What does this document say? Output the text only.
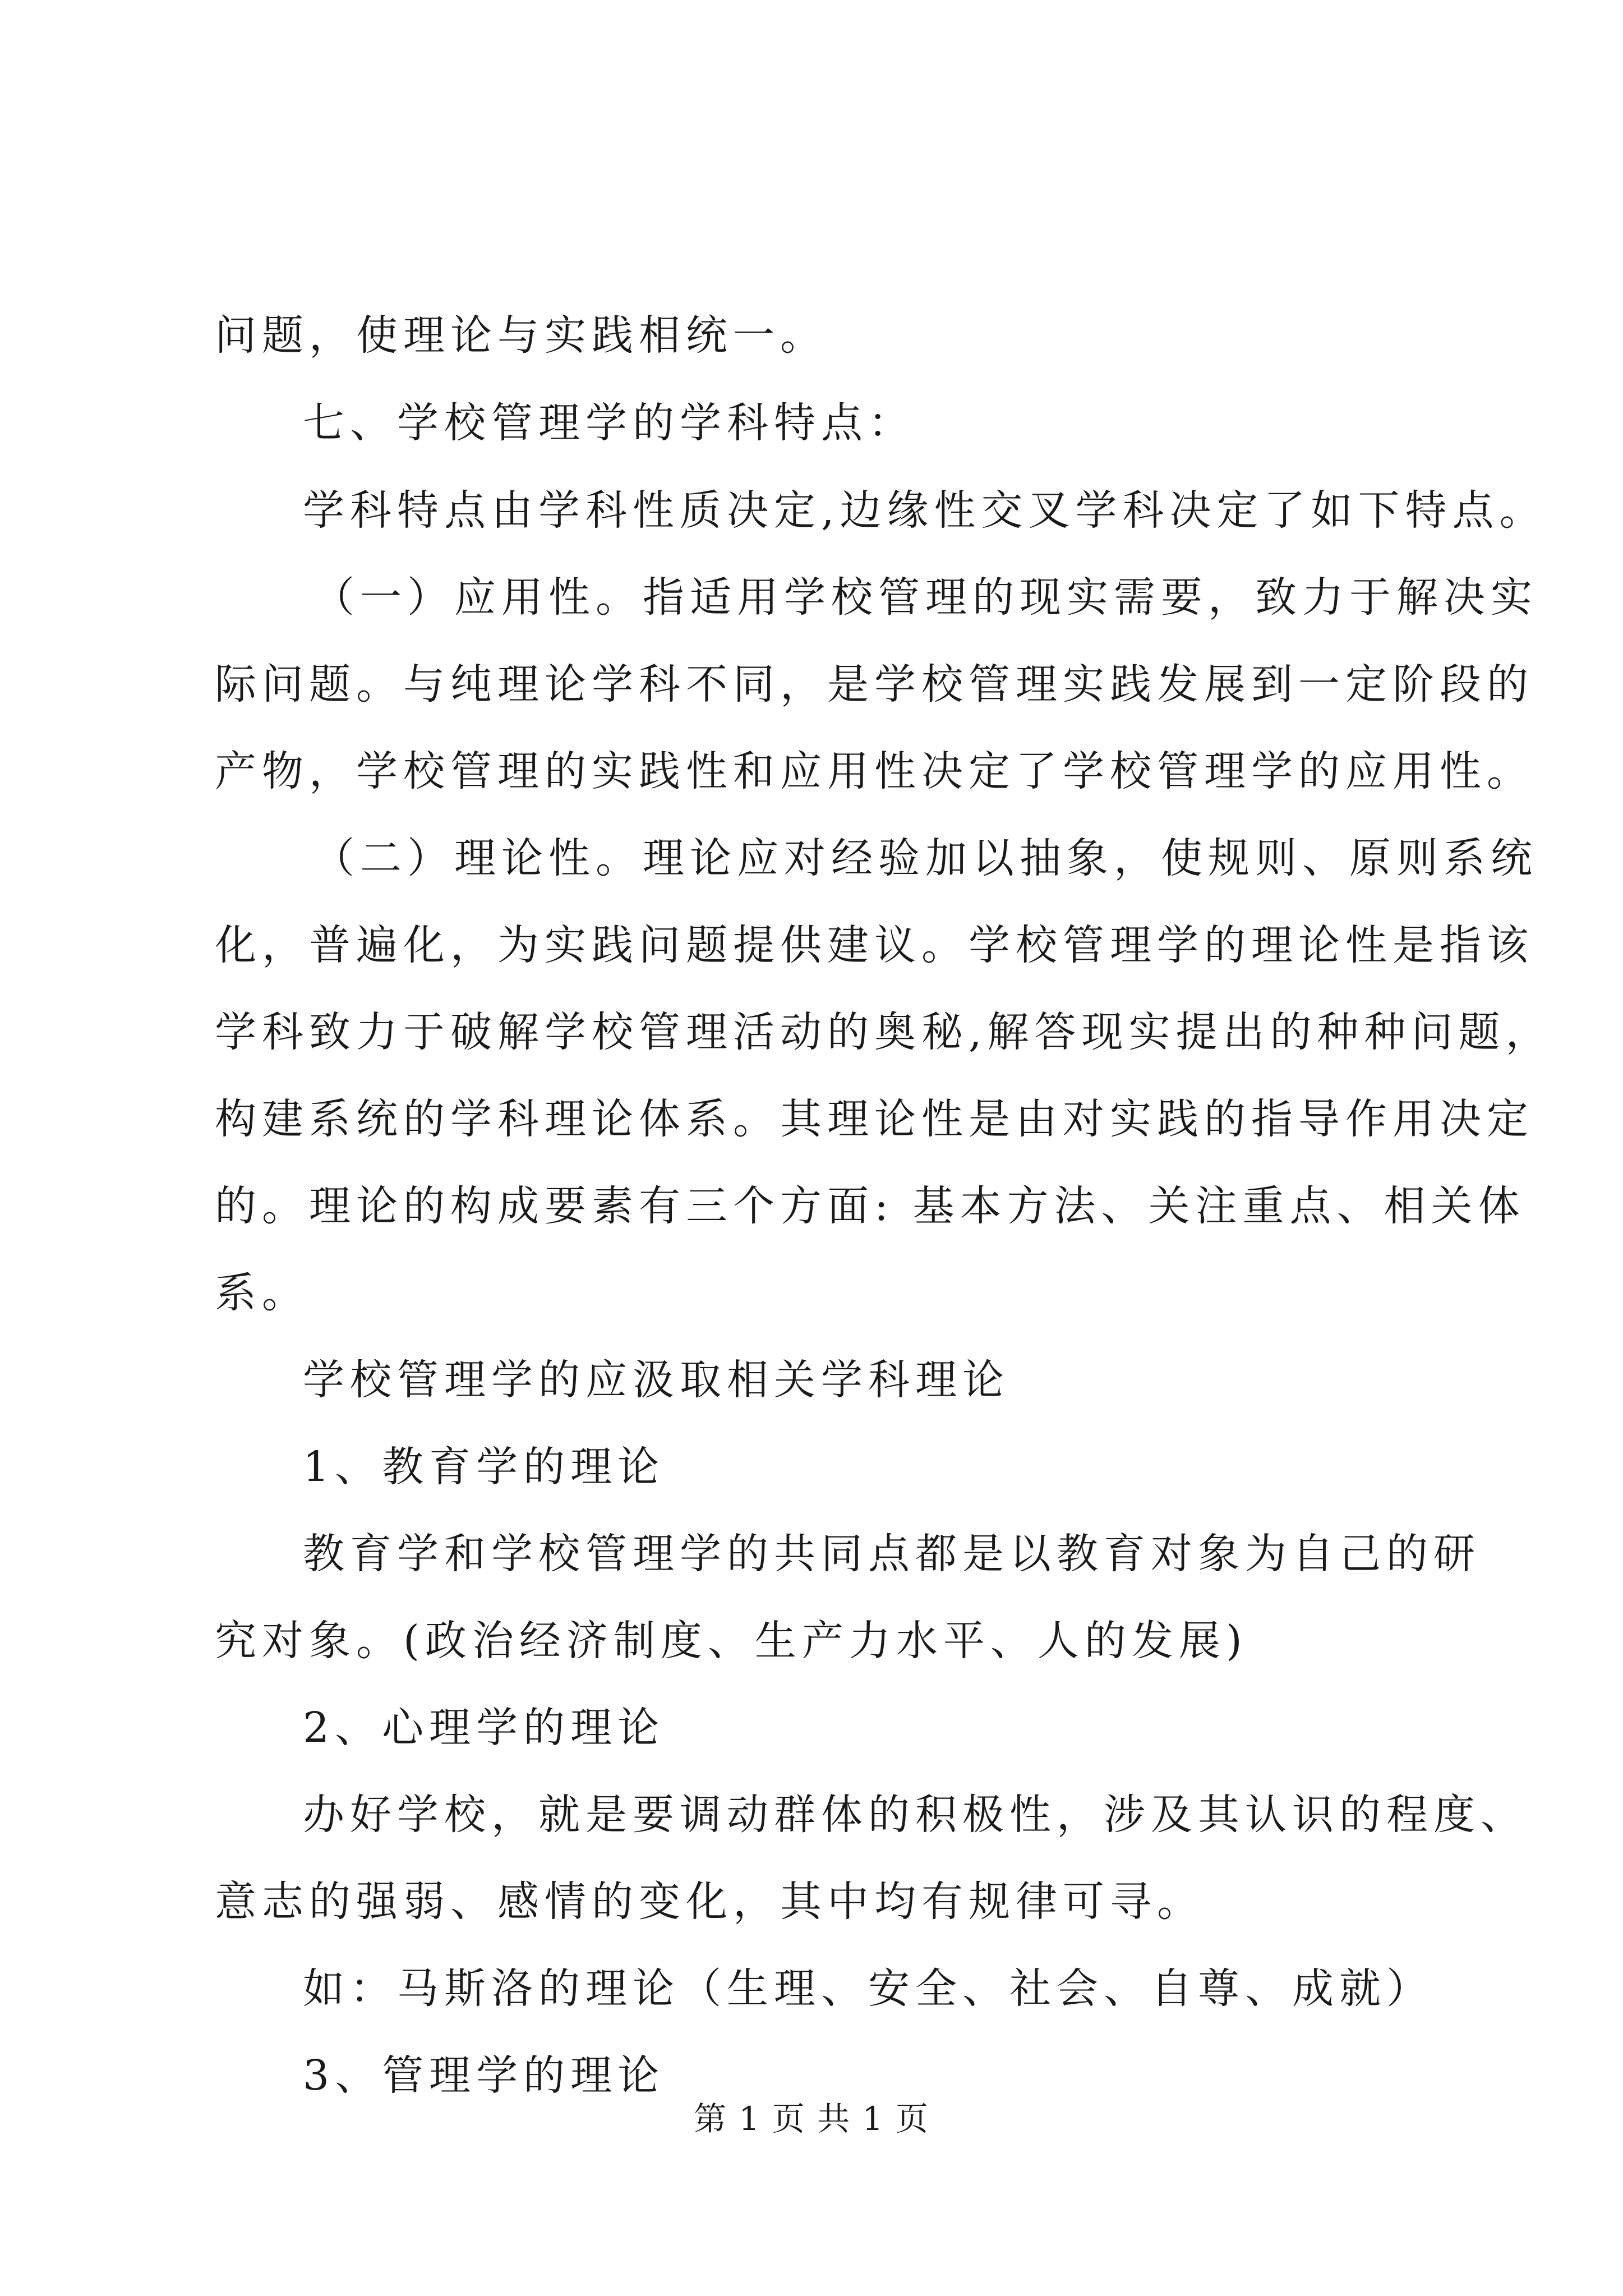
问题，使理论与实践相统一。
七、学校管理学的学科特点：
学科特点由学科性质决定,边缘性交叉学科决定了如下特点。
（一）应用性。指适用学校管理的现实需要，致力于解决实
际问题。与纯理论学科不同，是学校管理实践发展到一定阶段的
产物，学校管理的实践性和应用性决定了学校管理学的应用性。
（二）理论性。理论应对经验加以抽象，使规则、原则系统
化，普遍化，为实践问题提供建议。学校管理学的理论性是指该
学科致力于破解学校管理活动的奥秘,解答现实提出的种种问题，
构建系统的学科理论体系。其理论性是由对实践的指导作用决定
的。理论的构成要素有三个方面: 基本方法、关注重点、相关体
系。
学校管理学的应汲取相关学科理论
1、教育学的理论
教育学和学校管理学的共同点都是以教育对象为自己的研
究对象。(政治经济制度、生产力水平、人的发展)
2、心理学的理论
办好学校，就是要调动群体的积极性，涉及其认识的程度、
意志的强弱、感情的变化，其中均有规律可寻。
如：马斯洛的理论（生理、安全、社会、自尊、成就）
3、管理学的理论
第 1 页 共 1 页
